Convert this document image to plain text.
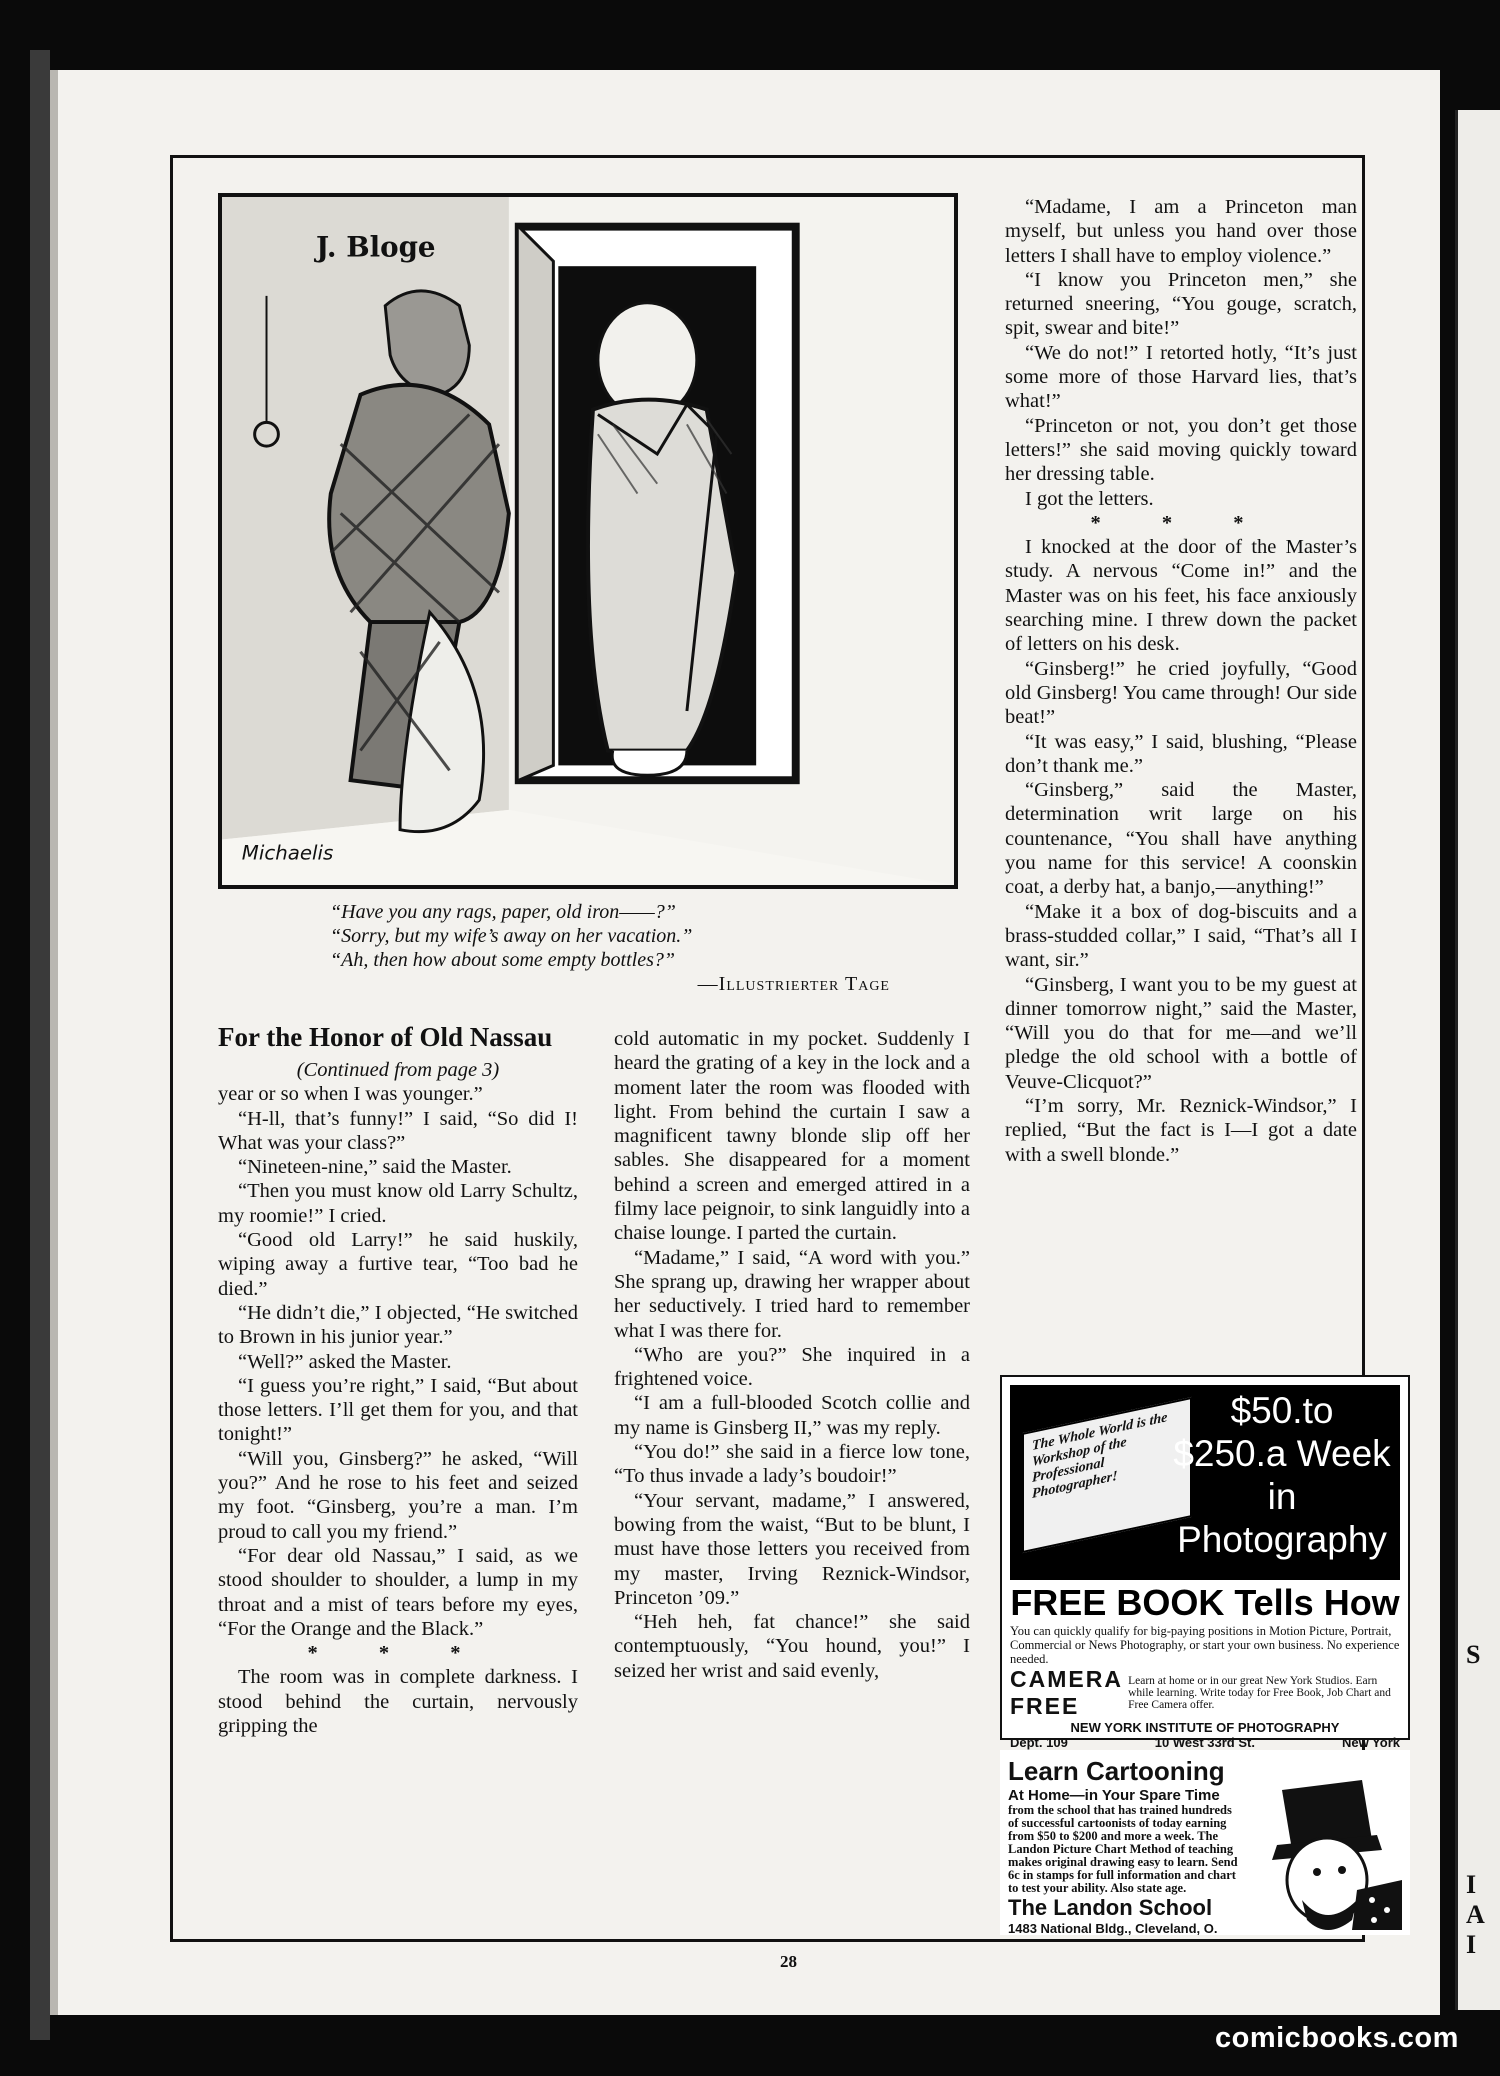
S
I
A
I
J. Bloge
Michaelis
“Have you any rags, paper, old iron——?”
“Sorry, but my wife’s away on her vacation.”
“Ah, then how about some empty bottles?”
—Illustrierter Tage
For the Honor of Old Nassau

(Continued from page 3)

year or so when I was younger.”

“H-ll, that’s funny!” I said, “So did I! What was your class?”

“Nineteen-nine,” said the Master.

“Then you must know old Larry Schultz, my roomie!” I cried.

“Good old Larry!” he said huskily, wiping away a furtive tear, “Too bad he died.”

“He didn’t die,” I objected, “He switched to Brown in his junior year.”

“Well?” asked the Master.

“I guess you’re right,” I said, “But about those letters. I’ll get them for you, and that tonight!”

“Will you, Ginsberg?” he asked, “Will you?” And he rose to his feet and seized my foot. “Ginsberg, you’re a man. I’m proud to call you my friend.”

“For dear old Nassau,” I said, as we stood shoulder to shoulder, a lump in my throat and a mist of tears before my eyes, “For the Orange and the Black.”

* * *

The room was in complete darkness. I stood behind the curtain, nervously gripping the

cold automatic in my pocket. Suddenly I heard the grating of a key in the lock and a moment later the room was flooded with light. From behind the curtain I saw a magnificent tawny blonde slip off her sables. She disappeared for a moment behind a screen and emerged attired in a filmy lace peignoir, to sink languidly into a chaise lounge. I parted the curtain.

“Madame,” I said, “A word with you.” She sprang up, drawing her wrapper about her seductively. I tried hard to remember what I was there for.

“Who are you?” She inquired in a frightened voice.

“I am a full-blooded Scotch collie and my name is Ginsberg II,” was my reply.

“You do!” she said in a fierce low tone, “To thus invade a lady’s boudoir!”

“Your servant, madame,” I answered, bowing from the waist, “But to be blunt, I must have those letters you received from my master, Irving Reznick-Windsor, Princeton ’09.”

“Heh heh, fat chance!” she said contemptuously, “You hound, you!” I seized her wrist and said evenly,

“Madame, I am a Princeton man myself, but unless you hand over those letters I shall have to employ violence.”

“I know you Princeton men,” she returned sneering, “You gouge, scratch, spit, swear and bite!”

“We do not!” I retorted hotly, “It’s just some more of those Harvard lies, that’s what!”

“Princeton or not, you don’t get those letters!” she said moving quickly toward her dressing table.

I got the letters.

* * *

I knocked at the door of the Master’s study. A nervous “Come in!” and the Master was on his feet, his face anxiously searching mine. I threw down the packet of letters on his desk.

“Ginsberg!” he cried joyfully, “Good old Ginsberg! You came through! Our side beat!”

“It was easy,” I said, blushing, “Please don’t thank me.”

“Ginsberg,” said the Master, determination writ large on his countenance, “You shall have anything you name for this service! A coonskin coat, a derby hat, a banjo,—anything!”

“Make it a box of dog-biscuits and a brass-studded collar,” I said, “That’s all I want, sir.”

“Ginsberg, I want you to be my guest at dinner tomorrow night,” said the Master, “Will you do that for me—and we’ll pledge the old school with a bottle of Veuve-Clicquot?”

“I’m sorry, Mr. Reznick-Windsor,” I replied, “But the fact is I—I got a date with a swell blonde.”

The Whole World is the Workshop of the Professional Photographer!
$50.to
$250.a Week
in
Photography
FREE BOOK Tells How
You can quickly qualify for big-paying positions in Motion Picture, Portrait, Commercial or News Photography, or start your own business. No experience needed.
CAMERA FREE
Learn at home or in our great New York Studios. Earn while learning. Write today for Free Book, Job Chart and Free Camera offer.
NEW YORK INSTITUTE OF PHOTOGRAPHY
Dept. 109	10 West 33rd St.	New York
Learn Cartooning
At Home—in Your Spare Time
from the school that has trained hundreds of successful cartoonists of today earning from $50 to $200 and more a week. The Landon Picture Chart Method of teaching makes original drawing easy to learn. Send 6c in stamps for full information and chart to test your ability. Also state age.
The Landon School
1483 National Bldg., Cleveland, O.
28
comicbooks.com
